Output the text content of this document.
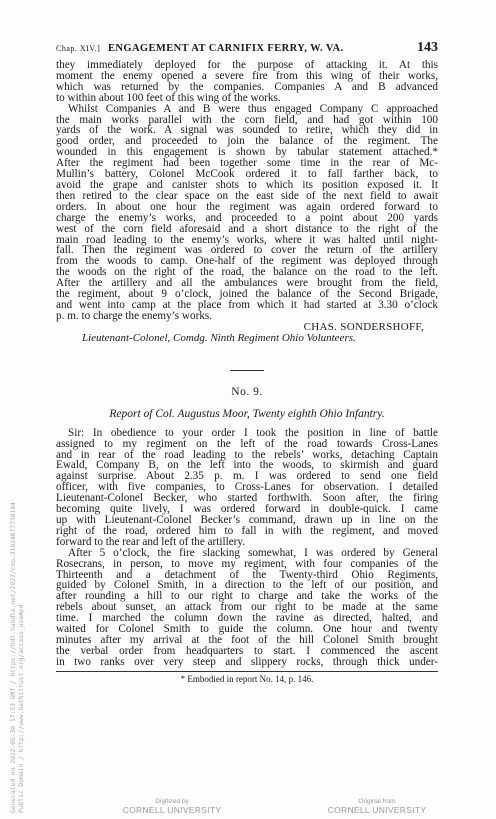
Chap. XIV.] ENGAGEMENT AT CARNIFIX FERRY, W. VA.	143

they immediately deployed for the purpose of attacking it. At this

moment the enemy opened a severe fire from this wing of their works,

which was returned by the companies. Companies A and B advanced

to within about 100 feet of this wing of the works.

Whilst Companies A and B were thus engaged Company C approached

the main works parallel with the corn field, and had got within 100

yards of the work. A signal was sounded to retire, which they did in

good order, and proceeded to join the balance of the regiment. The

wounded in this engagement is shown by tabular statement attached.*

After the regiment had been together some time in the rear of Mc-

Mullin’s battery, Colonel McCook ordered it to fall farther back, to

avoid the grape and canister shots to which its position exposed it. It

then retired to the clear space on the east side of the next field to await

orders. In about one hour the regiment was again ordered forward to

charge the enemy’s works, and proceeded to a point about 200 yards

west of the corn field aforesaid and a short distance to the right of the

main road leading to the enemy’s works, where it was halted until night-

fall. Then the regiment was ordered to cover the return of the artillery

from the woods to camp. One-half of the regiment was deployed through

the woods on the right of the road, the balance on the road to the left.

After the artillery and all the ambulances were brought from the field,

the regiment, about 9 o’clock, joined the balance of the Second Brigade,

and went into camp at the place from which it had started at 3.30 o’clock

p. m. to charge the enemy’s works.

CHAS. SONDERSHOFF,
Lieutenant-Colonel, Comdg. Ninth Regiment Ohio Volunteers.
No. 9.
Report of Col. Augustus Moor, Twenty eighth Ohio Infantry.

Sir: In obedience to your order I took the position in line of battle

assigned to my regiment on the left of the road towards Cross-Lanes

and in rear of the road leading to the rebels’ works, detaching Captain

Ewald, Company B, on the left into the woods, to skirmish and guard

against surprise. About 2.35 p. m. I was ordered to send one field

officer, with five companies, to Cross-Lanes for observation. I detailed

Lieutenant-Colonel Becker, who started forthwith. Soon after, the firing

becoming quite lively, I was ordered forward in double-quick. I came

up with Lieutenant-Colonel Becker’s command, drawn up in line on the

right of the road, ordered him to fall in with the regiment, and moved

forward to the rear and left of the artillery.

After 5 o’clock, the fire slacking somewhat, I was ordered by General

Rosecrans, in person, to move my regiment, with four companies of the

Thirteenth and a detachment of the Twenty-third Ohio Regiments,

guided by Colonel Smith, in a direction to the left of our position, and

after rounding a hill to our right to charge and take the works of the

rebels about sunset, an attack from our right to be made at the same

time. I marched the column down the ravine as directed, halted, and

waited for Colonel Smith to guide the column. One hour and twenty

minutes after my arrival at the foot of the hill Colonel Smith brought

the verbal order from headquarters to start. I commenced the ascent

in two ranks over very steep and slippery rocks, through thick under-

* Embodied in report No. 14, p. 146.
Generated on 2022-05-30 17:53 GMT / https://hdl.handle.net/2027/coo.31924077730194 Public Domain / http://www.hathitrust.org/access_use#pd	Digitized by
CORNELL UNIVERSITY
Original from
CORNELL UNIVERSITY
